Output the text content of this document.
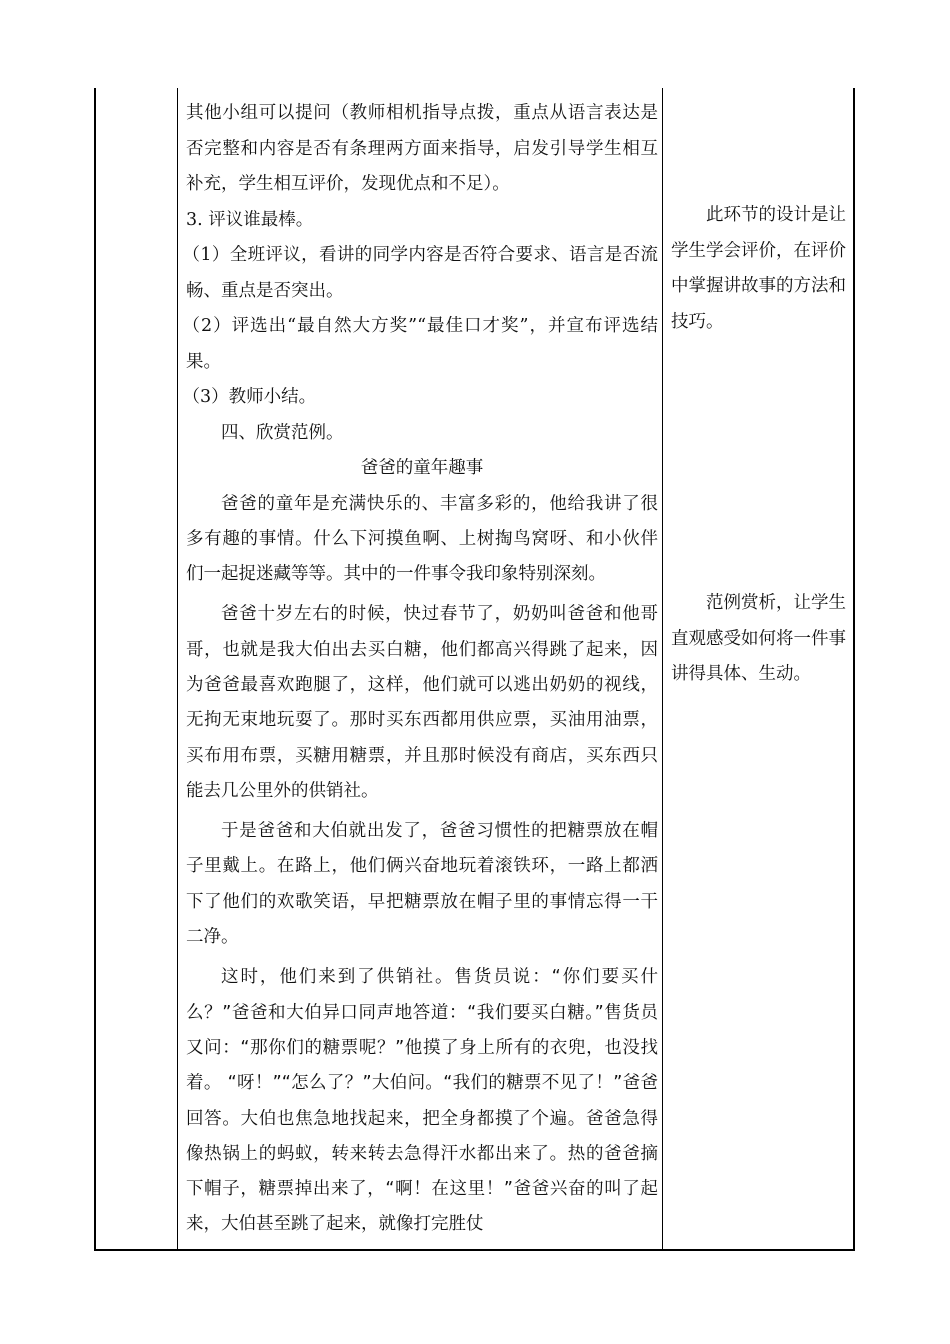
其他小组可以提问（教师相机指导点拨，重点从语言表达是否完整和内容是否有条理两方面来指导，启发引导学生相互补充，学生相互评价，发现优点和不足）。

3. 评议谁最棒。

（1）全班评议，看讲的同学内容是否符合要求、语言是否流畅、重点是否突出。

（2）评选出“最自然大方奖”“最佳口才奖”，并宣布评选结果。

（3）教师小结。

四、欣赏范例。

爸爸的童年趣事

爸爸的童年是充满快乐的、丰富多彩的，他给我讲了很多有趣的事情。什么下河摸鱼啊、上树掏鸟窝呀、和小伙伴们一起捉迷藏等等。其中的一件事令我印象特别深刻。

爸爸十岁左右的时候，快过春节了，奶奶叫爸爸和他哥哥，也就是我大伯出去买白糖，他们都高兴得跳了起来，因为爸爸最喜欢跑腿了，这样，他们就可以逃出奶奶的视线，无拘无束地玩耍了。那时买东西都用供应票，买油用油票，买布用布票，买糖用糖票，并且那时候没有商店，买东西只能去几公里外的供销社。

于是爸爸和大伯就出发了，爸爸习惯性的把糖票放在帽子里戴上。在路上，他们俩兴奋地玩着滚铁环，一路上都洒下了他们的欢歌笑语，早把糖票放在帽子里的事情忘得一干二净。

这时，他们来到了供销社。售货员说：“你们要买什么？”爸爸和大伯异口同声地答道：“我们要买白糖。”售货员又问：“那你们的糖票呢？”他摸了身上所有的衣兜，也没找着。 “呀！”“怎么了？”大伯问。“我们的糖票不见了！”爸爸回答。大伯也焦急地找起来，把全身都摸了个遍。爸爸急得像热锅上的蚂蚁，转来转去急得汗水都出来了。热的爸爸摘下帽子，糖票掉出来了，“啊！在这里！”爸爸兴奋的叫了起来，大伯甚至跳了起来，就像打完胜仗

此环节的设计是让学生学会评价，在评价中掌握讲故事的方法和技巧。

范例赏析，让学生直观感受如何将一件事讲得具体、生动。
